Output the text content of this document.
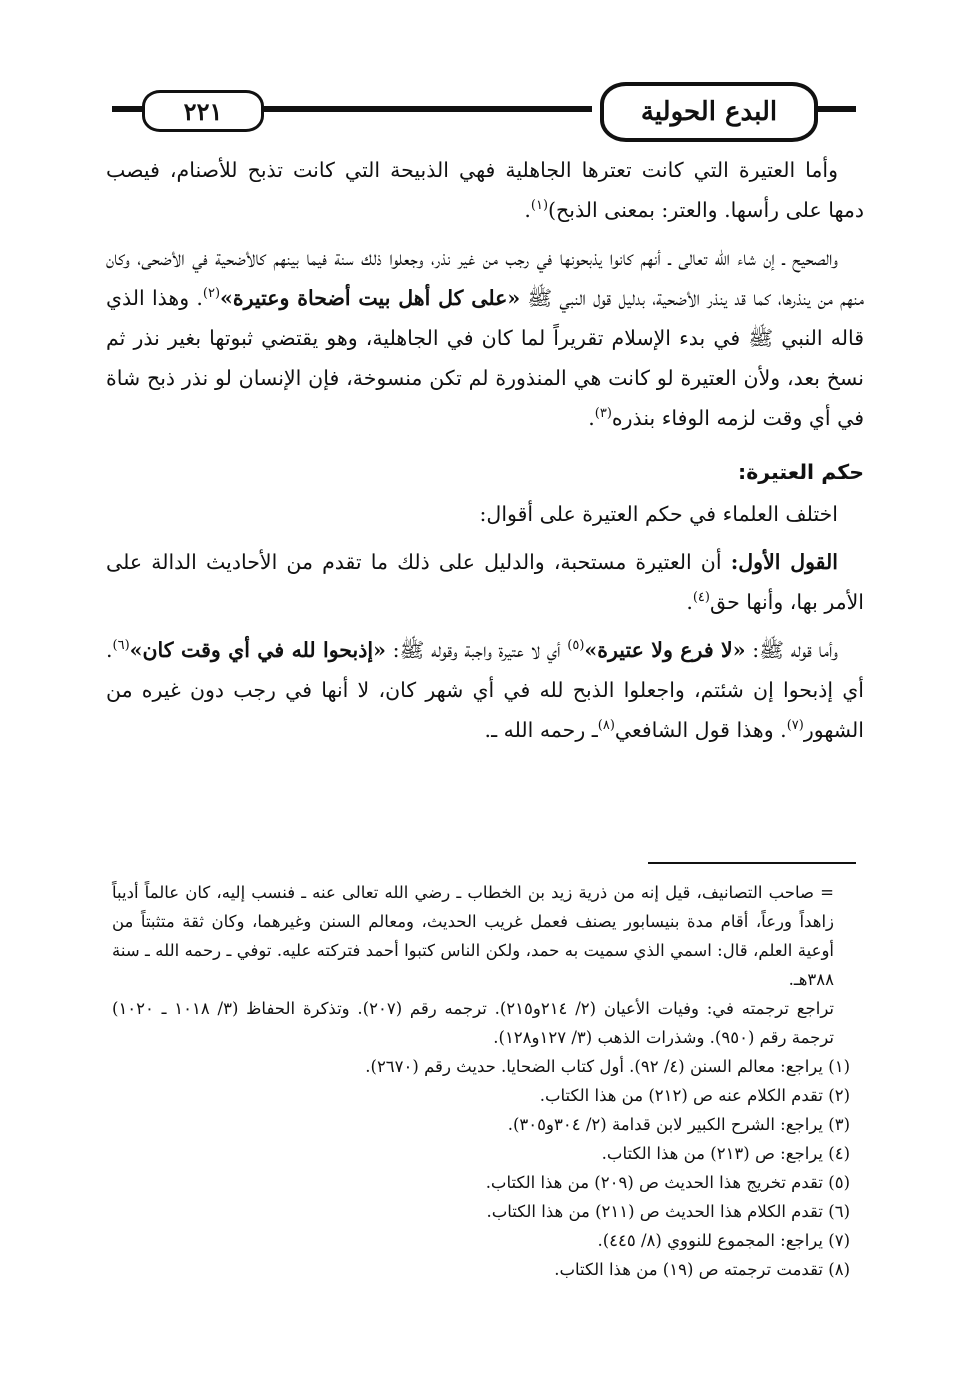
البدع الحولية
٢٢١

وأما العتيرة التي كانت تعترها الجاهلية فهي الذبيحة التي كانت تذبح للأصنام، فيصب دمها على رأسها. والعتر: بمعنى الذبح)$^{(١)}$.

والصحيح ـ إن شاء الله تعالى ـ أنهم كانوا يذبحونها في رجب من غير نذر، وجعلوا ذلك سنة فيما بينهم كالأضحية في الأضحى، وكان منهم من ينذرها، كما قد ينذر الأضحية، بدليل قول النبي ﷺ «على كل أهل بيت أضحاة وعتيرة»$^{(٢)}$. وهذا الذي قاله النبي ﷺ في بدء الإسلام تقريراً لما كان في الجاهلية، وهو يقتضي ثبوتها بغير نذر ثم نسخ بعد، ولأن العتيرة لو كانت هي المنذورة لم تكن منسوخة، فإن الإنسان لو نذر ذبح شاة في أي وقت لزمه الوفاء بنذره$^{(٣)}$.

حكم العتيرة:

اختلف العلماء في حكم العتيرة على أقوال:

القول الأول: أن العتيرة مستحبة، والدليل على ذلك ما تقدم من الأحاديث الدالة على الأمر بها، وأنها حق$^{(٤)}$.

وأما قوله ﷺ: «لا فرع ولا عتيرة»$^{(٥)}$ أي لا عتيرة واجبة وقوله ﷺ: «إذبحوا لله في أي وقت كان»$^{(٦)}$. أي إذبحوا إن شئتم، واجعلوا الذبح لله في أي شهر كان، لا أنها في رجب دون غيره من الشهور$^{(٧)}$. وهذا قول الشافعي$^{(٨)}$ـ رحمه الله ـ.

= صاحب التصانيف، قيل إنه من ذرية زيد بن الخطاب ـ رضي الله تعالى عنه ـ فنسب إليه، كان عالماً أديباً زاهداً ورعاً، أقام مدة بنيسابور يصنف فعمل غريب الحديث، ومعالم السنن وغيرهما، وكان ثقة متثبتاً من أوعية العلم، قال: اسمي الذي سميت به حمد، ولكن الناس كتبوا أحمد فتركته عليه. توفي ـ رحمه الله ـ سنة ٣٨٨هـ.

تراجع ترجمته في: وفيات الأعيان (٢/ ٢١٤و٢١٥). ترجمه رقم (٢٠٧). وتذكرة الحفاظ (٣/ ١٠١٨ ـ ١٠٢٠) ترجمة رقم (٩٥٠). وشذرات الذهب (٣/ ١٢٧و١٢٨).

(١) يراجع: معالم السنن (٤/ ٩٢). أول كتاب الضحايا. حديث رقم (٢٦٧٠).

(٢) تقدم الكلام عنه ص (٢١٢) من هذا الكتاب.

(٣) يراجع: الشرح الكبير لابن قدامة (٢/ ٣٠٤و٣٠٥).

(٤) يراجع: ص (٢١٣) من هذا الكتاب.

(٥) تقدم تخريج هذا الحديث ص (٢٠٩) من هذا الكتاب.

(٦) تقدم الكلام هذا الحديث ص (٢١١) من هذا الكتاب.

(٧) يراجع: المجموع للنووي (٨/ ٤٤٥).

(٨) تقدمت ترجمته ص (١٩) من هذا الكتاب.
